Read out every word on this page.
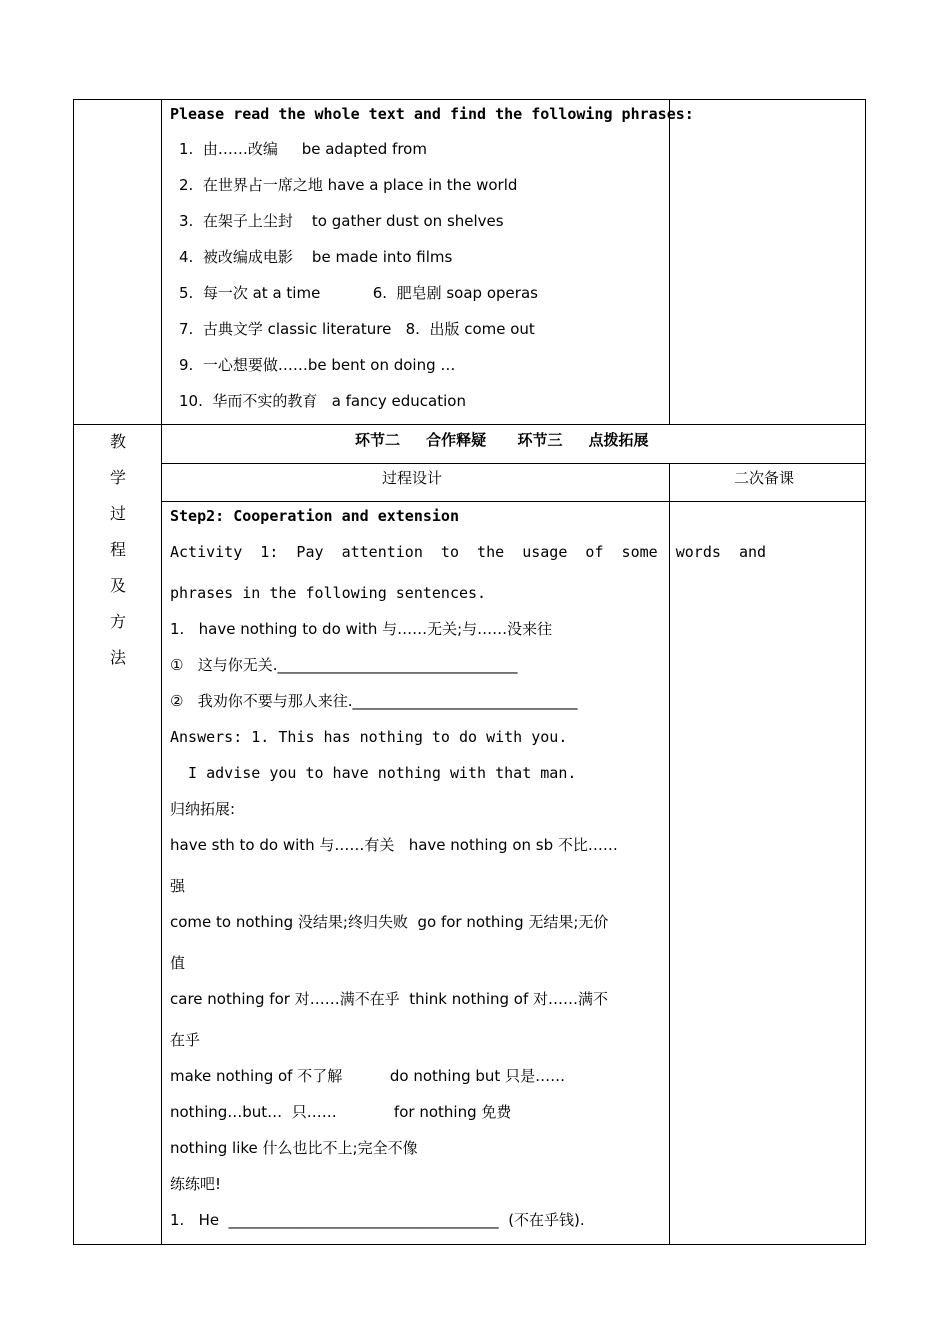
Please read the whole text and find the following phrases:
1.  由……改编     be adapted from
2.  在世界占一席之地 have a place in the world
3.  在架子上尘封    to gather dust on shelves
4.  被改编成电影    be made into films
5.  每一次 at a time           6.  肥皂剧 soap operas
7.  古典文学 classic literature   8.  出版 come out
9.  一心想要做……be bent on doing …
10.  华而不实的教育   a fancy education
教
学
过
程
及
方
法
环节二     合作释疑      环节三     点拨拓展
过程设计	二次备课
Step2: Cooperation and extension
Activity  1:  Pay  attention  to  the  usage  of  some  words  and
phrases in the following sentences.
1.   have nothing to do with 与……无关;与……没来往
①   这与你无关.________________________________
②   我劝你不要与那人来往.______________________________
Answers: 1. This has nothing to do with you.
I advise you to have nothing with that man.
归纳拓展:
have sth to do with 与……有关   have nothing on sb 不比……
强
come to nothing 没结果;终归失败  go for nothing 无结果;无价
值
care nothing for 对……满不在乎  think nothing of 对……满不
在乎
make nothing of 不了解          do nothing but 只是……
nothing…but…  只……            for nothing 免费
nothing like 什么也比不上;完全不像
练练吧!
1.   He  ____________________________________  (不在乎钱).
